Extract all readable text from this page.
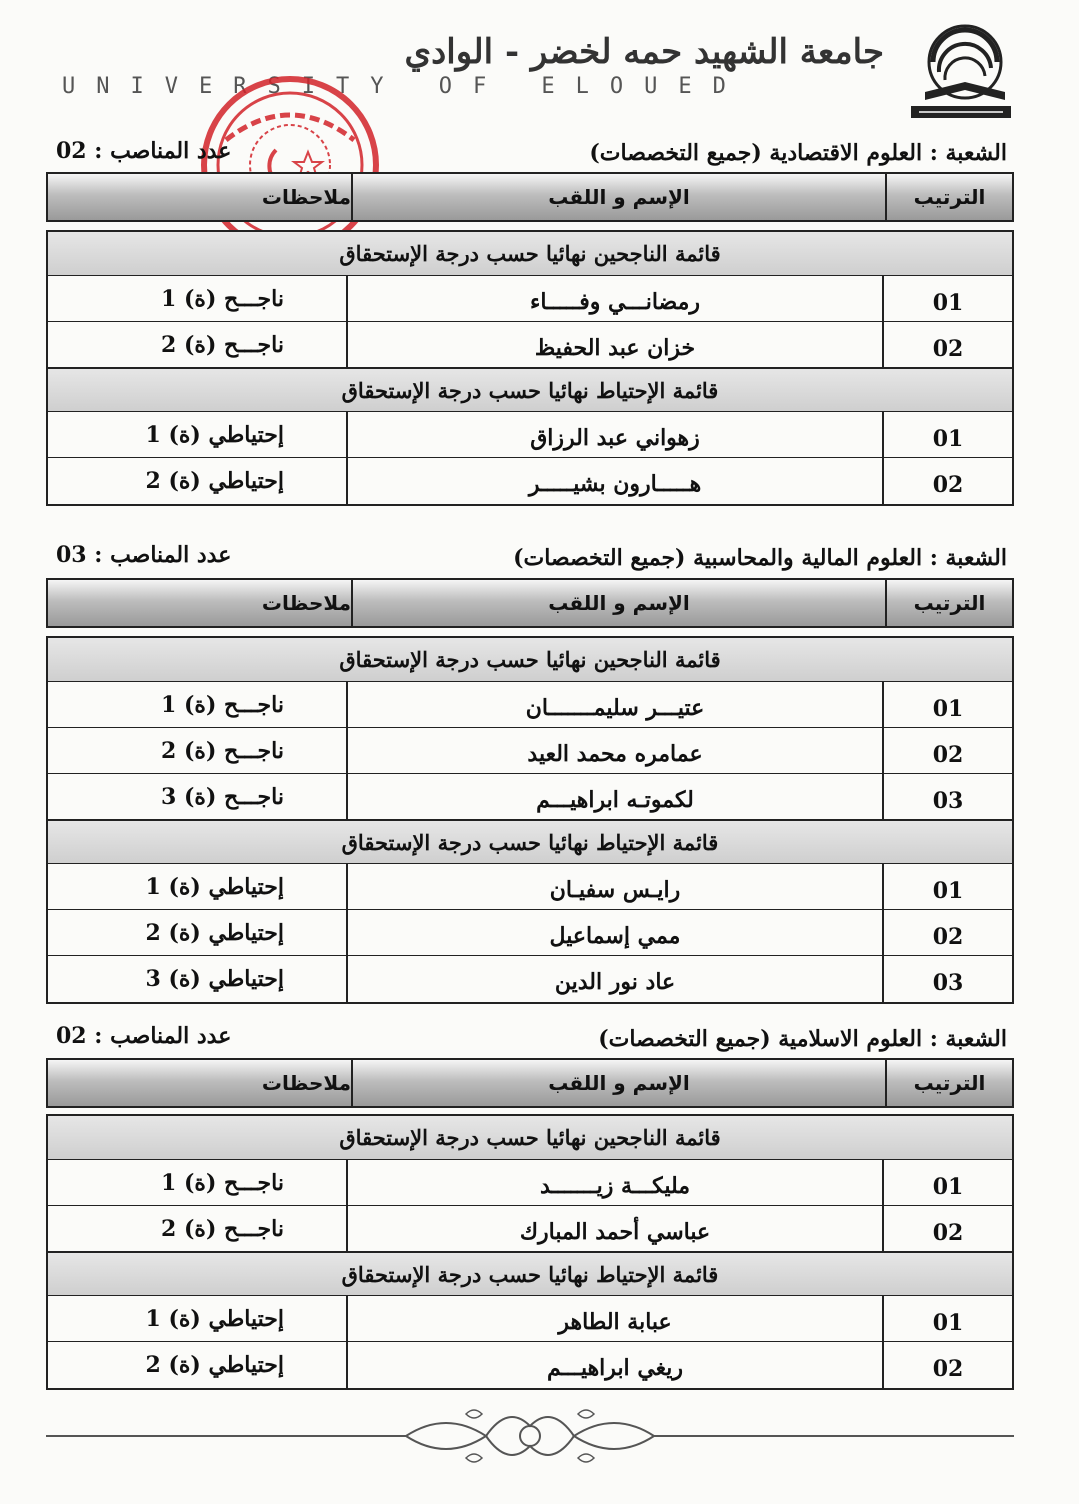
جامعة الشهيد حمه لخضر - الوادي
UNIVERSITY OF ELOUED
الشعبة : العلوم الاقتصادية (جميع التخصصات)
عدد المناصب : 02
الترتيب
الإسم و اللقب
ملاحظات
قائمة الناجحين نهائيا حسب درجة الإستحقاق
01
رمضانـــي وفـــــاء
ناجـــح (ة) 1
02
خزان عبد الحفيظ
ناجـــح (ة) 2
قائمة الإحتياط نهائيا حسب درجة الإستحقاق
01
زهواني عبد الرزاق
إحتياطي (ة) 1
02
هـــــارون بشيـــــر
إحتياطي (ة) 2
الشعبة : العلوم المالية والمحاسبية (جميع التخصصات)
عدد المناصب : 03
الترتيب
الإسم و اللقب
ملاحظات
قائمة الناجحين نهائيا حسب درجة الإستحقاق
01
عتيـــر سليمـــــــان
ناجـــح (ة) 1
02
عمامره محمد العيد
ناجـــح (ة) 2
03
لكموتـه ابراهيـــم
ناجـــح (ة) 3
قائمة الإحتياط نهائيا حسب درجة الإستحقاق
01
رايـس سفيـان
إحتياطي (ة) 1
02
ممي إسماعيل
إحتياطي (ة) 2
03
عاد نور الدين
إحتياطي (ة) 3
الشعبة : العلوم الاسلامية (جميع التخصصات)
عدد المناصب : 02
الترتيب
الإسم و اللقب
ملاحظات
قائمة الناجحين نهائيا حسب درجة الإستحقاق
01
مليكـــة زيـــــــد
ناجـــح (ة) 1
02
عباسي أحمد المبارك
ناجـــح (ة) 2
قائمة الإحتياط نهائيا حسب درجة الإستحقاق
01
عبابة الطاهر
إحتياطي (ة) 1
02
ريغي ابراهيـــم
إحتياطي (ة) 2
